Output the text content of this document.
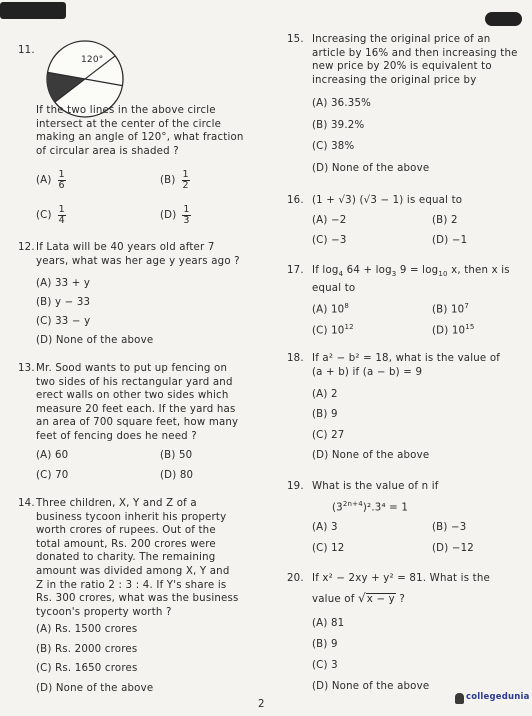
11.
120°
If the two lines in the above circle
intersect at the center of the circle
making an angle of 120°, what fraction
of circular area is shaded ?
$(A) \frac{1}{6}$	$(B) \frac{1}{2}$
$(C) \frac{1}{4}$	$(D) \frac{1}{3}$
12. If Lata will be 40 years old after 7
years, what was her age y years ago ?
(A) 33 + y
(B) y − 33
(C) 33 − y
(D) None of the above
13. Mr. Sood wants to put up fencing on
two sides of his rectangular yard and
erect walls on other two sides which
measure 20 feet each. If the yard has
an area of 700 square feet, how many
feet of fencing does he need ?
(A) 60	(B) 50
(C) 70	(D) 80
14. Three children, X, Y and Z of a
business tycoon inherit his property
worth crores of rupees. Out of the
total amount, Rs. 200 crores were
donated to charity. The remaining
amount was divided among X, Y and
Z in the ratio 2 : 3 : 4. If Y's share is
Rs. 300 crores, what was the business
tycoon's property worth ?
(A) Rs. 1500 crores
(B) Rs. 2000 crores
(C) Rs. 1650 crores
(D) None of the above
15. Increasing the original price of an
article by 16% and then increasing the
new price by 20% is equivalent to
increasing the original price by
(A) 36.35%
(B) 39.2%
(C) 38%
(D) None of the above
16. (1 + √3) (√3 − 1) is equal to
(A) −2	(B) 2
(C) −3	(D) −1
17. If $\log_4 64 + \log_3 9 = \log_{10} x$, then x is
equal to
(A) $10^8$	(B) $10^7$
(C) $10^{12}$	(D) $10^{15}$
18. If a² − b² = 18, what is the value of
(a + b) if (a − b) = 9
(A) 2
(B) 9
(C) 27
(D) None of the above
19. What is the value of n if
$(3^{2n+4})^2.3^4 = 1$
(A) 3	(B) −3
(C) 12	(D) −12
20. If x² − 2xy + y² = 81. What is the
value of √x − y ?
(A) 81
(B) 9
(C) 3
(D) None of the above
2
collegedunia
